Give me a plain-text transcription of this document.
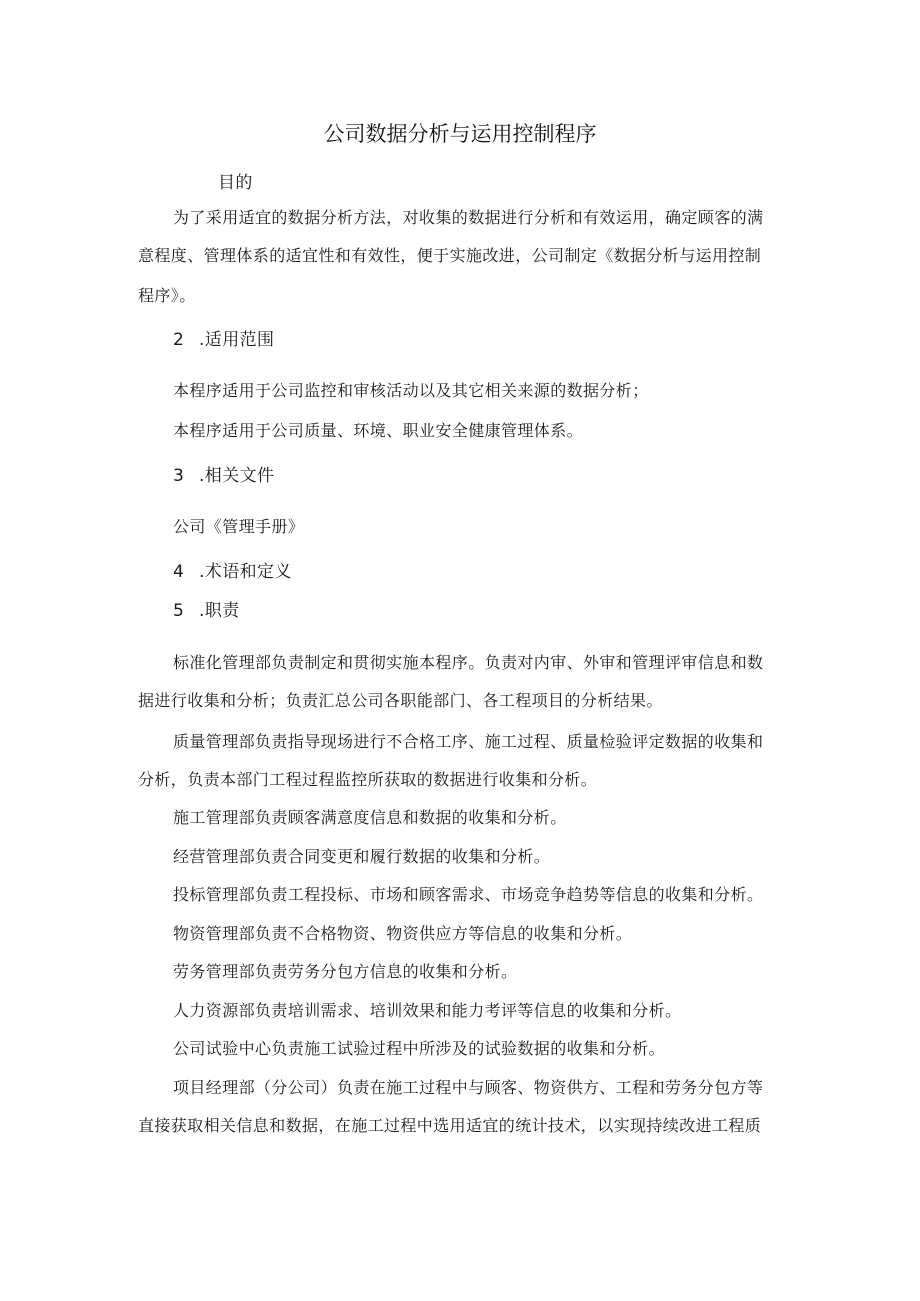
公司数据分析与运用控制程序
目的
为了采用适宜的数据分析方法，对收集的数据进行分析和有效运用，确定顾客的满
意程度、管理体系的适宜性和有效性，便于实施改进，公司制定《数据分析与运用控制
程序》。
2 .适用范围
本程序适用于公司监控和审核活动以及其它相关来源的数据分析；
本程序适用于公司质量、环境、职业安全健康管理体系。
3 .相关文件
公司《管理手册》
4 .术语和定义
5 .职责
标准化管理部负责制定和贯彻实施本程序。负责对内审、外审和管理评审信息和数
据进行收集和分析；负责汇总公司各职能部门、各工程项目的分析结果。
质量管理部负责指导现场进行不合格工序、施工过程、质量检验评定数据的收集和
分析，负责本部门工程过程监控所获取的数据进行收集和分析。
施工管理部负责顾客满意度信息和数据的收集和分析。
经营管理部负责合同变更和履行数据的收集和分析。
投标管理部负责工程投标、市场和顾客需求、市场竞争趋势等信息的收集和分析。
物资管理部负责不合格物资、物资供应方等信息的收集和分析。
劳务管理部负责劳务分包方信息的收集和分析。
人力资源部负责培训需求、培训效果和能力考评等信息的收集和分析。
公司试验中心负责施工试验过程中所涉及的试验数据的收集和分析。
项目经理部（分公司）负责在施工过程中与顾客、物资供方、工程和劳务分包方等
直接获取相关信息和数据，在施工过程中选用适宜的统计技术，以实现持续改进工程质
